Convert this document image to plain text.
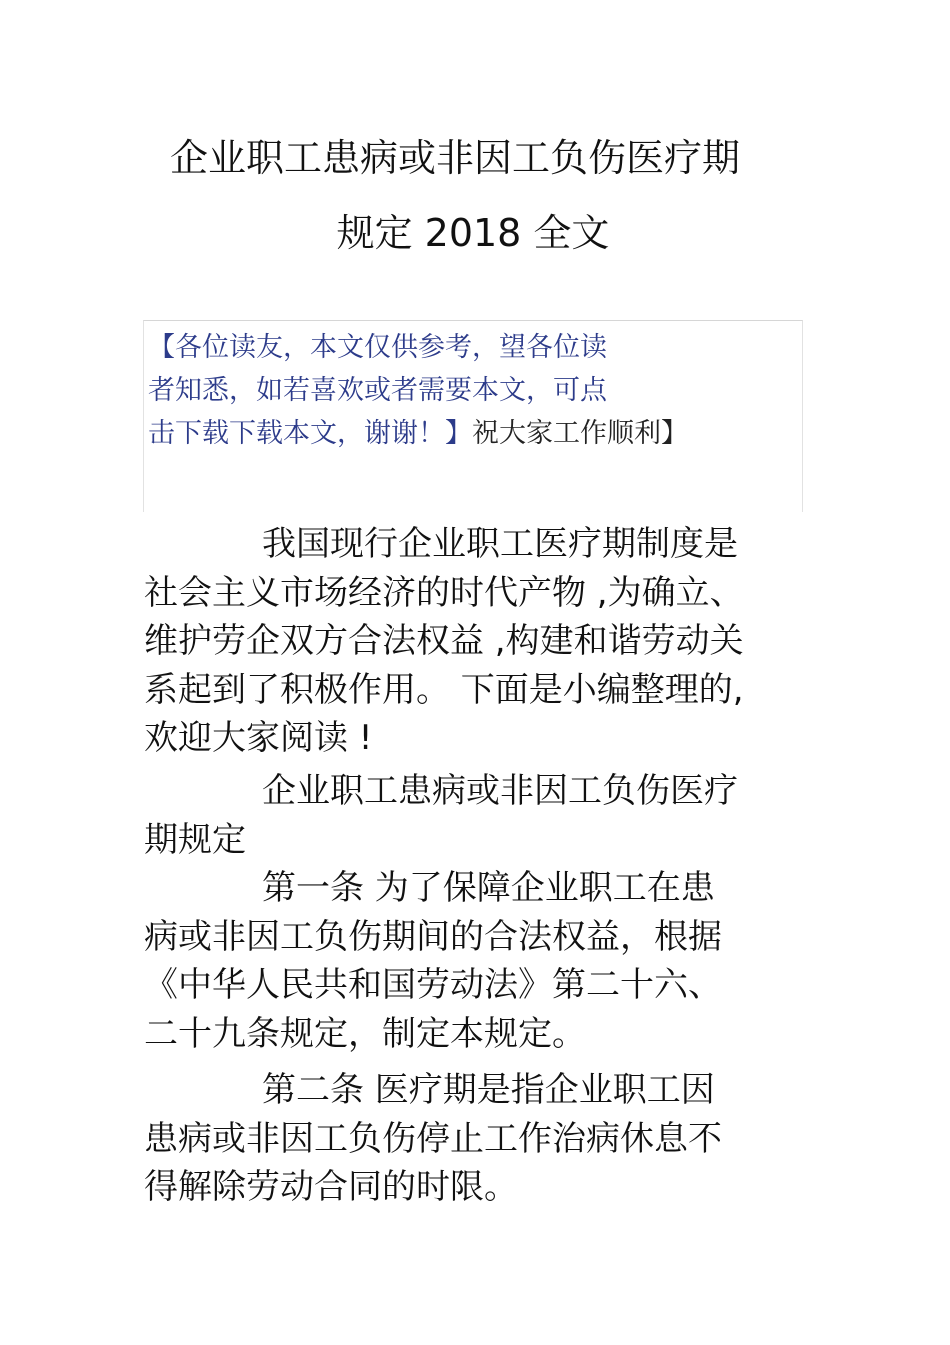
企业职工患病或非因工负伤医疗期
规定 2018 全文
【各位读友，本文仅供参考，望各位读
者知悉，如若喜欢或者需要本文，可点
击下载下载本文，谢谢！】祝大家工作顺利】
我国现行企业职工医疗期制度是
社会主义市场经济的时代产物 ,为确立、
维护劳企双方合法权益 ,构建和谐劳动关
系起到了积极作用。 下面是小编整理的,
欢迎大家阅读 !
企业职工患病或非因工负伤医疗
期规定
第一条 为了保障企业职工在患
病或非因工负伤期间的合法权益，根据
《中华人民共和国劳动法》第二十六、
二十九条规定，制定本规定。
第二条 医疗期是指企业职工因
患病或非因工负伤停止工作治病休息不
得解除劳动合同的时限。
